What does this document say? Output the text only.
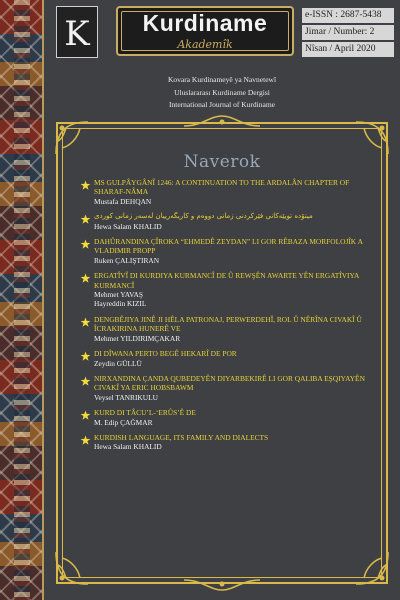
K	Kurdiname
Akademîk
e-ISSN : 2687-5438
Jimar / Number: 2
Nîsan / April 2020
Kovara Kurdinameyê ya Navnetewî
Uluslararası Kurdiname Dergisi
International Journal of Kurdiname
Naverok
MS GULPÂYGÂNÎ 1246: A CONTINUATION TO THE ARDALÂN CHAPTER OF SHARAF-NÂMA
Mustafa DEHQAN
میتۆدە تویێەکانی فێرکردنی زمانی دووەم و کاریگەرییان لەسەر زمانی کوردی
Hewa Salam KHALID
DAHÛRANDINA ÇÎROKA “EHMEDÊ ZEYDAN” LI GOR RÊBAZA MORFOLOJÎK A VLADIMIR PROPP
Ruken ÇALIŞTIRAN
ERGATÎVÎ DI KURDIYA KURMANCÎ DE Û REWŞÊN AWARTE YÊN ERGATÎVIYA KURMANCÎ
Mehmet YAVAŞ
Hayreddin KIZIL
DENGBÊJIYA JINÊ JI HÊLA PATRONAJ, PERWERDEHÎ, ROL Û NÊRÎNA CIVAKÎ Û ÎCRAKIRINA HUNERÊ VE
Mehmet YILDIRIMÇAKAR
DI DÎWANA PERTO BEGÊ HEKARÎ DE POR
Zeydin GÜLLÜ
NIRXANDINA ÇANDA QUBEDEYÊN DIYARBEKIRÊ LI GOR QALIBA EŞQIYAYÊN CIVAKÎ YA ERIC HOBSBAWM
Veysel TANRIKULU
KURD DI TÂCU’L-‘ERÛS’Ê DE
M. Edip ÇAĞMAR
KURDISH LANGUAGE, ITS FAMILY AND DIALECTS
Hewa Salam KHALID
